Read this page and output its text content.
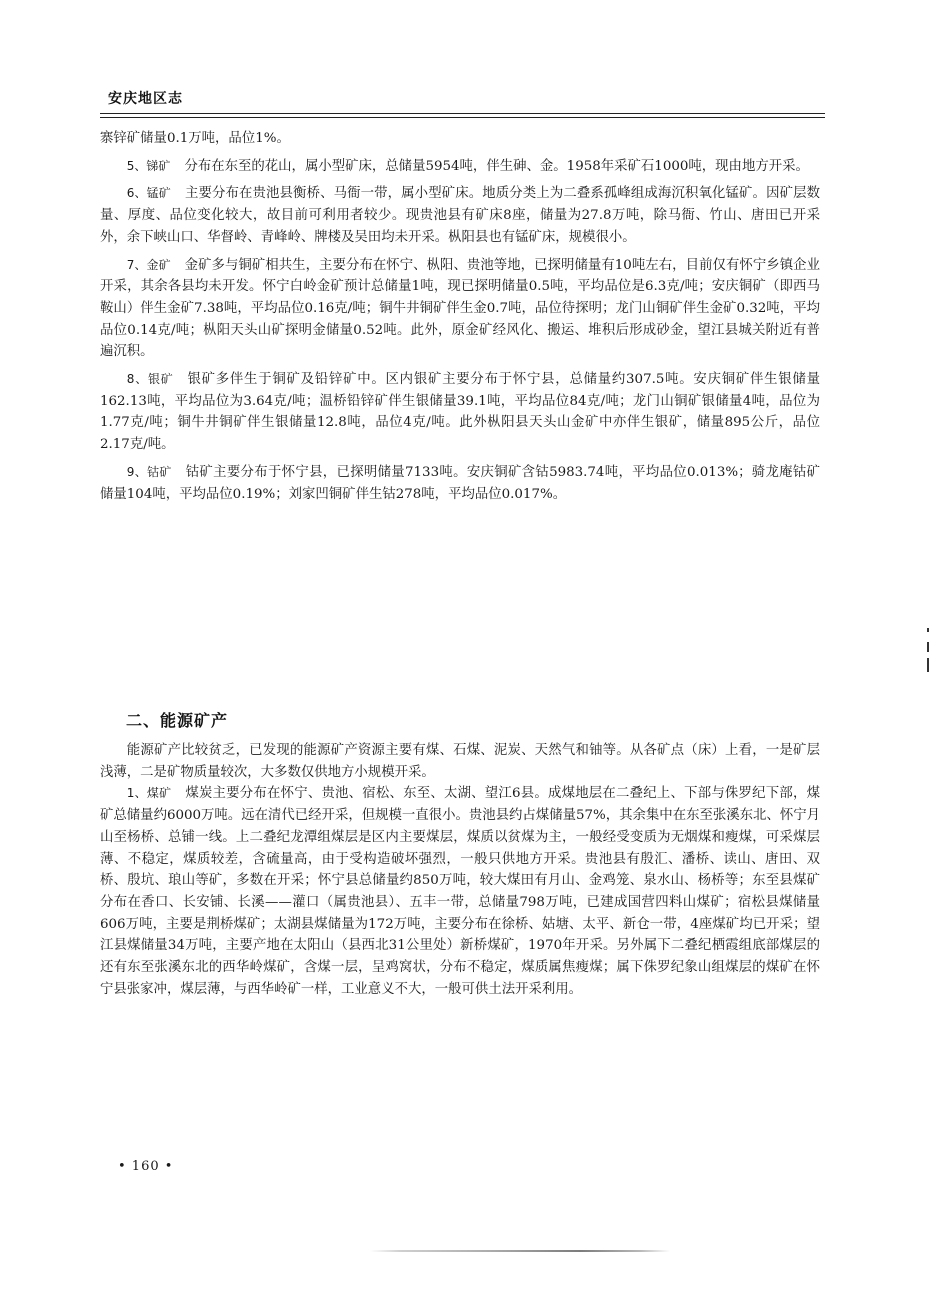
安庆地区志

寨锌矿储量0.1万吨，品位1%。

5、锑矿 分布在东至的花山，属小型矿床，总储量5954吨，伴生砷、金。1958年采矿石1000吨，现由地方开采。

6、锰矿 主要分布在贵池县衡桥、马衙一带，属小型矿床。地质分类上为二叠系孤峰组成海沉积氧化锰矿。因矿层数量、厚度、品位变化较大，故目前可利用者较少。现贵池县有矿床8座，储量为27.8万吨，除马衙、竹山、唐田已开采外，余下峡山口、华督岭、青峰岭、牌楼及吴田均未开采。枞阳县也有锰矿床，规模很小。

7、金矿 金矿多与铜矿相共生，主要分布在怀宁、枞阳、贵池等地，已探明储量有10吨左右，目前仅有怀宁乡镇企业开采，其余各县均未开发。怀宁白岭金矿预计总储量1吨，现已探明储量0.5吨，平均品位是6.3克/吨；安庆铜矿（即西马鞍山）伴生金矿7.38吨，平均品位0.16克/吨；铜牛井铜矿伴生金0.7吨，品位待探明；龙门山铜矿伴生金矿0.32吨，平均品位0.14克/吨；枞阳天头山矿探明金储量0.52吨。此外，原金矿经风化、搬运、堆积后形成砂金，望江县城关附近有普遍沉积。

8、银矿 银矿多伴生于铜矿及铅锌矿中。区内银矿主要分布于怀宁县，总储量约307.5吨。安庆铜矿伴生银储量162.13吨，平均品位为3.64克/吨；温桥铅锌矿伴生银储量39.1吨，平均品位84克/吨；龙门山铜矿银储量4吨，品位为1.77克/吨；铜牛井铜矿伴生银储量12.8吨，品位4克/吨。此外枞阳县天头山金矿中亦伴生银矿，储量895公斤，品位2.17克/吨。

9、钴矿 钴矿主要分布于怀宁县，已探明储量7133吨。安庆铜矿含钴5983.74吨，平均品位0.013%；骑龙庵钴矿储量104吨，平均品位0.19%；刘家凹铜矿伴生钴278吨，平均品位0.017%。

二、能源矿产

能源矿产比较贫乏，已发现的能源矿产资源主要有煤、石煤、泥炭、天然气和铀等。从各矿点（床）上看，一是矿层浅薄，二是矿物质量较次，大多数仅供地方小规模开采。

1、煤矿 煤炭主要分布在怀宁、贵池、宿松、东至、太湖、望江6县。成煤地层在二叠纪上、下部与侏罗纪下部，煤矿总储量约6000万吨。远在清代已经开采，但规模一直很小。贵池县约占煤储量57%，其余集中在东至张溪东北、怀宁月山至杨桥、总铺一线。上二叠纪龙潭组煤层是区内主要煤层，煤质以贫煤为主，一般经受变质为无烟煤和瘦煤，可采煤层薄、不稳定，煤质较差，含硫量高，由于受构造破坏强烈，一般只供地方开采。贵池县有殷汇、潘桥、读山、唐田、双桥、殷坑、琅山等矿，多数在开采；怀宁县总储量约850万吨，较大煤田有月山、金鸡笼、泉水山、杨桥等；东至县煤矿分布在香口、长安铺、长溪——灌口（属贵池县）、五丰一带，总储量798万吨，已建成国营四料山煤矿；宿松县煤储量606万吨，主要是荆桥煤矿；太湖县煤储量为172万吨，主要分布在徐桥、姑塘、太平、新仓一带，4座煤矿均已开采；望江县煤储量34万吨，主要产地在太阳山（县西北31公里处）新桥煤矿，1970年开采。另外属下二叠纪栖霞组底部煤层的还有东至张溪东北的西华岭煤矿，含煤一层，呈鸡窝状，分布不稳定，煤质属焦瘦煤；属下侏罗纪象山组煤层的煤矿在怀宁县张家冲，煤层薄，与西华岭矿一样，工业意义不大，一般可供土法开采利用。

• 160 •
